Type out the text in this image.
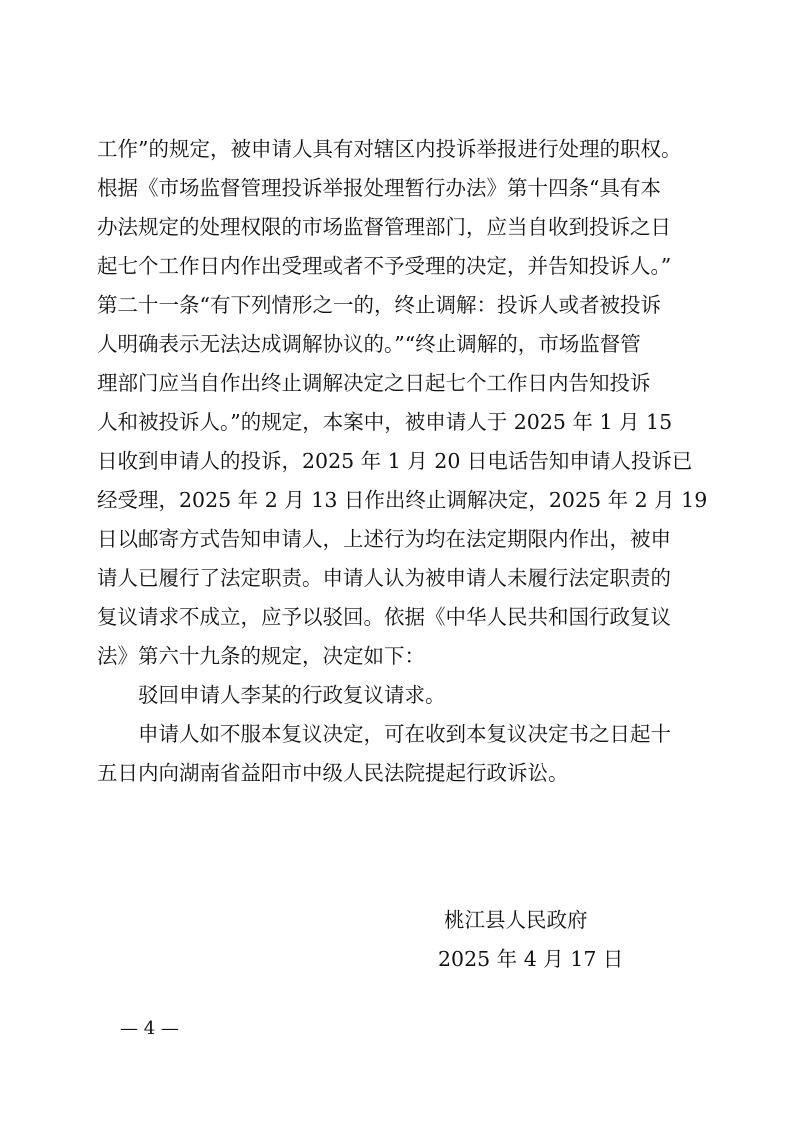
工作”的规定，被申请人具有对辖区内投诉举报进行处理的职权。
根据《市场监督管理投诉举报处理暂行办法》第十四条“具有本
办法规定的处理权限的市场监督管理部门，应当自收到投诉之日
起七个工作日内作出受理或者不予受理的决定，并告知投诉人。”
第二十一条“有下列情形之一的，终止调解：投诉人或者被投诉
人明确表示无法达成调解协议的。”“终止调解的，市场监督管
理部门应当自作出终止调解决定之日起七个工作日内告知投诉
人和被投诉人。”的规定，本案中，被申请人于 2025 年 1 月 15
日收到申请人的投诉，2025 年 1 月 20 日电话告知申请人投诉已
经受理，2025 年 2 月 13 日作出终止调解决定，2025 年 2 月 19
日以邮寄方式告知申请人，上述行为均在法定期限内作出，被申
请人已履行了法定职责。申请人认为被申请人未履行法定职责的
复议请求不成立，应予以驳回。依据《中华人民共和国行政复议
法》第六十九条的规定，决定如下：
　　驳回申请人李某的行政复议请求。
　　申请人如不服本复议决定，可在收到本复议决定书之日起十
五日内向湖南省益阳市中级人民法院提起行政诉讼。
桃江县人民政府
2025 年 4 月 17 日
— 4 —
